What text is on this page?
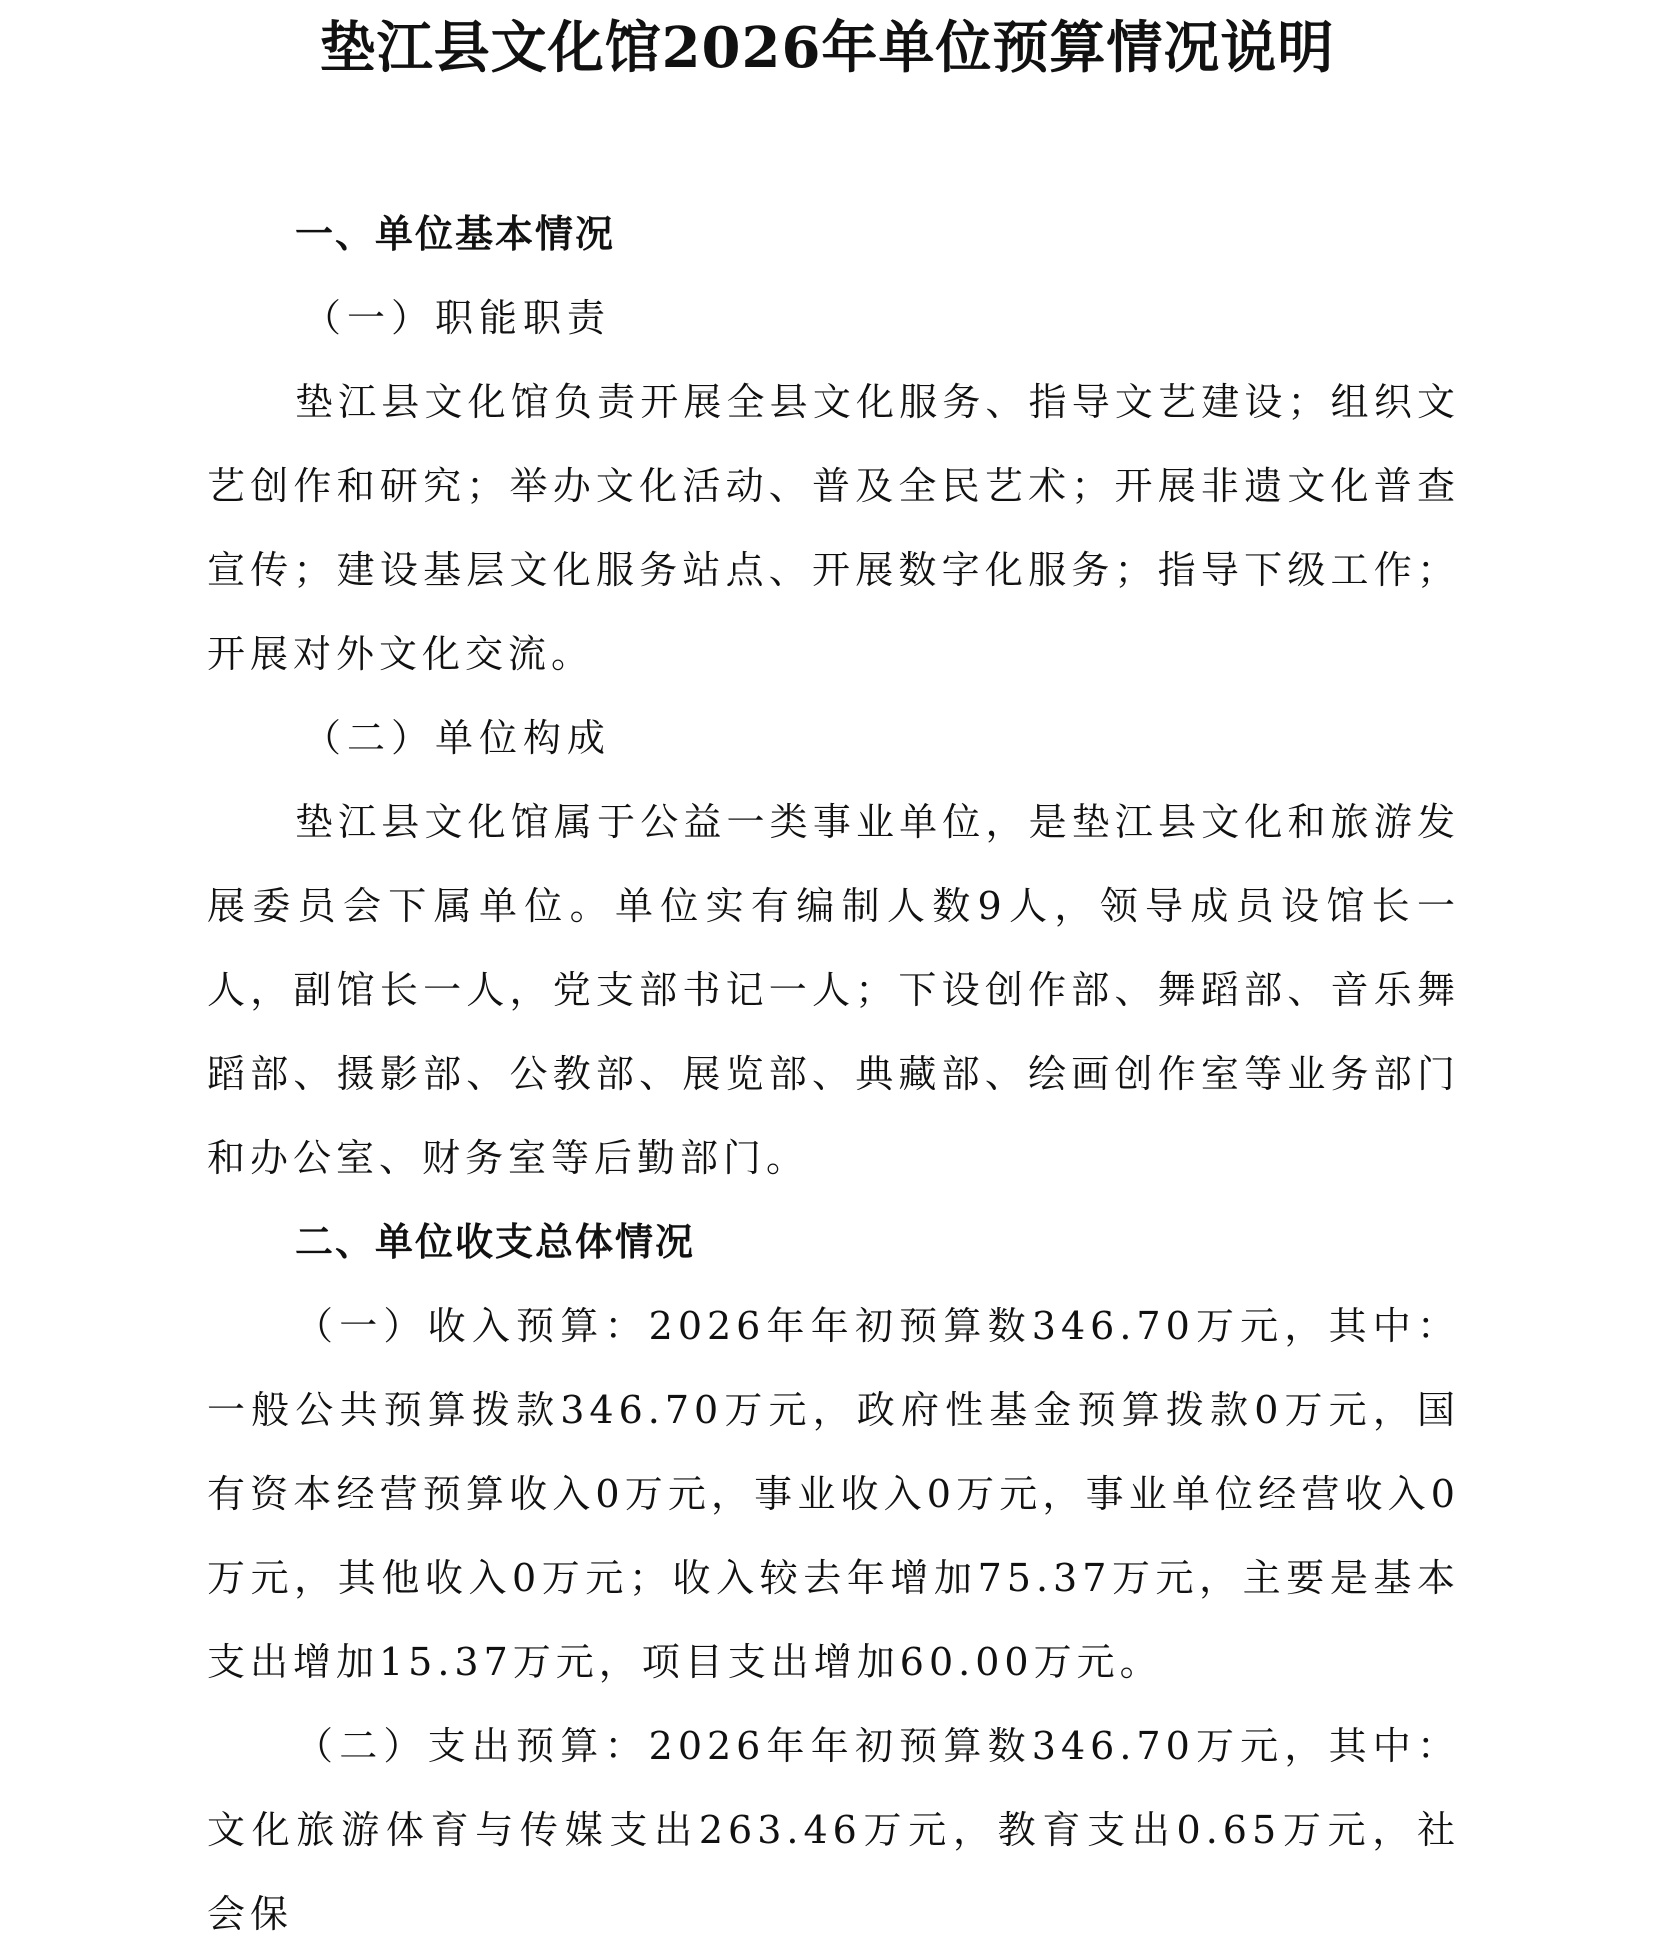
垫江县文化馆2026年单位预算情况说明
一、单位基本情况
（一）职能职责

垫江县文化馆负责开展全县文化服务、指导文艺建设；组织文艺创作和研究；举办文化活动、普及全民艺术；开展非遗文化普查宣传；建设基层文化服务站点、开展数字化服务；指导下级工作；开展对外文化交流。

（二）单位构成

垫江县文化馆属于公益一类事业单位，是垫江县文化和旅游发展委员会下属单位。单位实有编制人数9人，领导成员设馆长一人，副馆长一人，党支部书记一人；下设创作部、舞蹈部、音乐舞蹈部、摄影部、公教部、展览部、典藏部、绘画创作室等业务部门和办公室、财务室等后勤部门。

二、单位收支总体情况

（一）收入预算：2026年年初预算数346.70万元，其中：一般公共预算拨款346.70万元，政府性基金预算拨款0万元，国有资本经营预算收入0万元，事业收入0万元，事业单位经营收入0万元，其他收入0万元；收入较去年增加75.37万元，主要是基本支出增加15.37万元，项目支出增加60.00万元。

（二）支出预算：2026年年初预算数346.70万元，其中：文化旅游体育与传媒支出263.46万元，教育支出0.65万元，社会保
